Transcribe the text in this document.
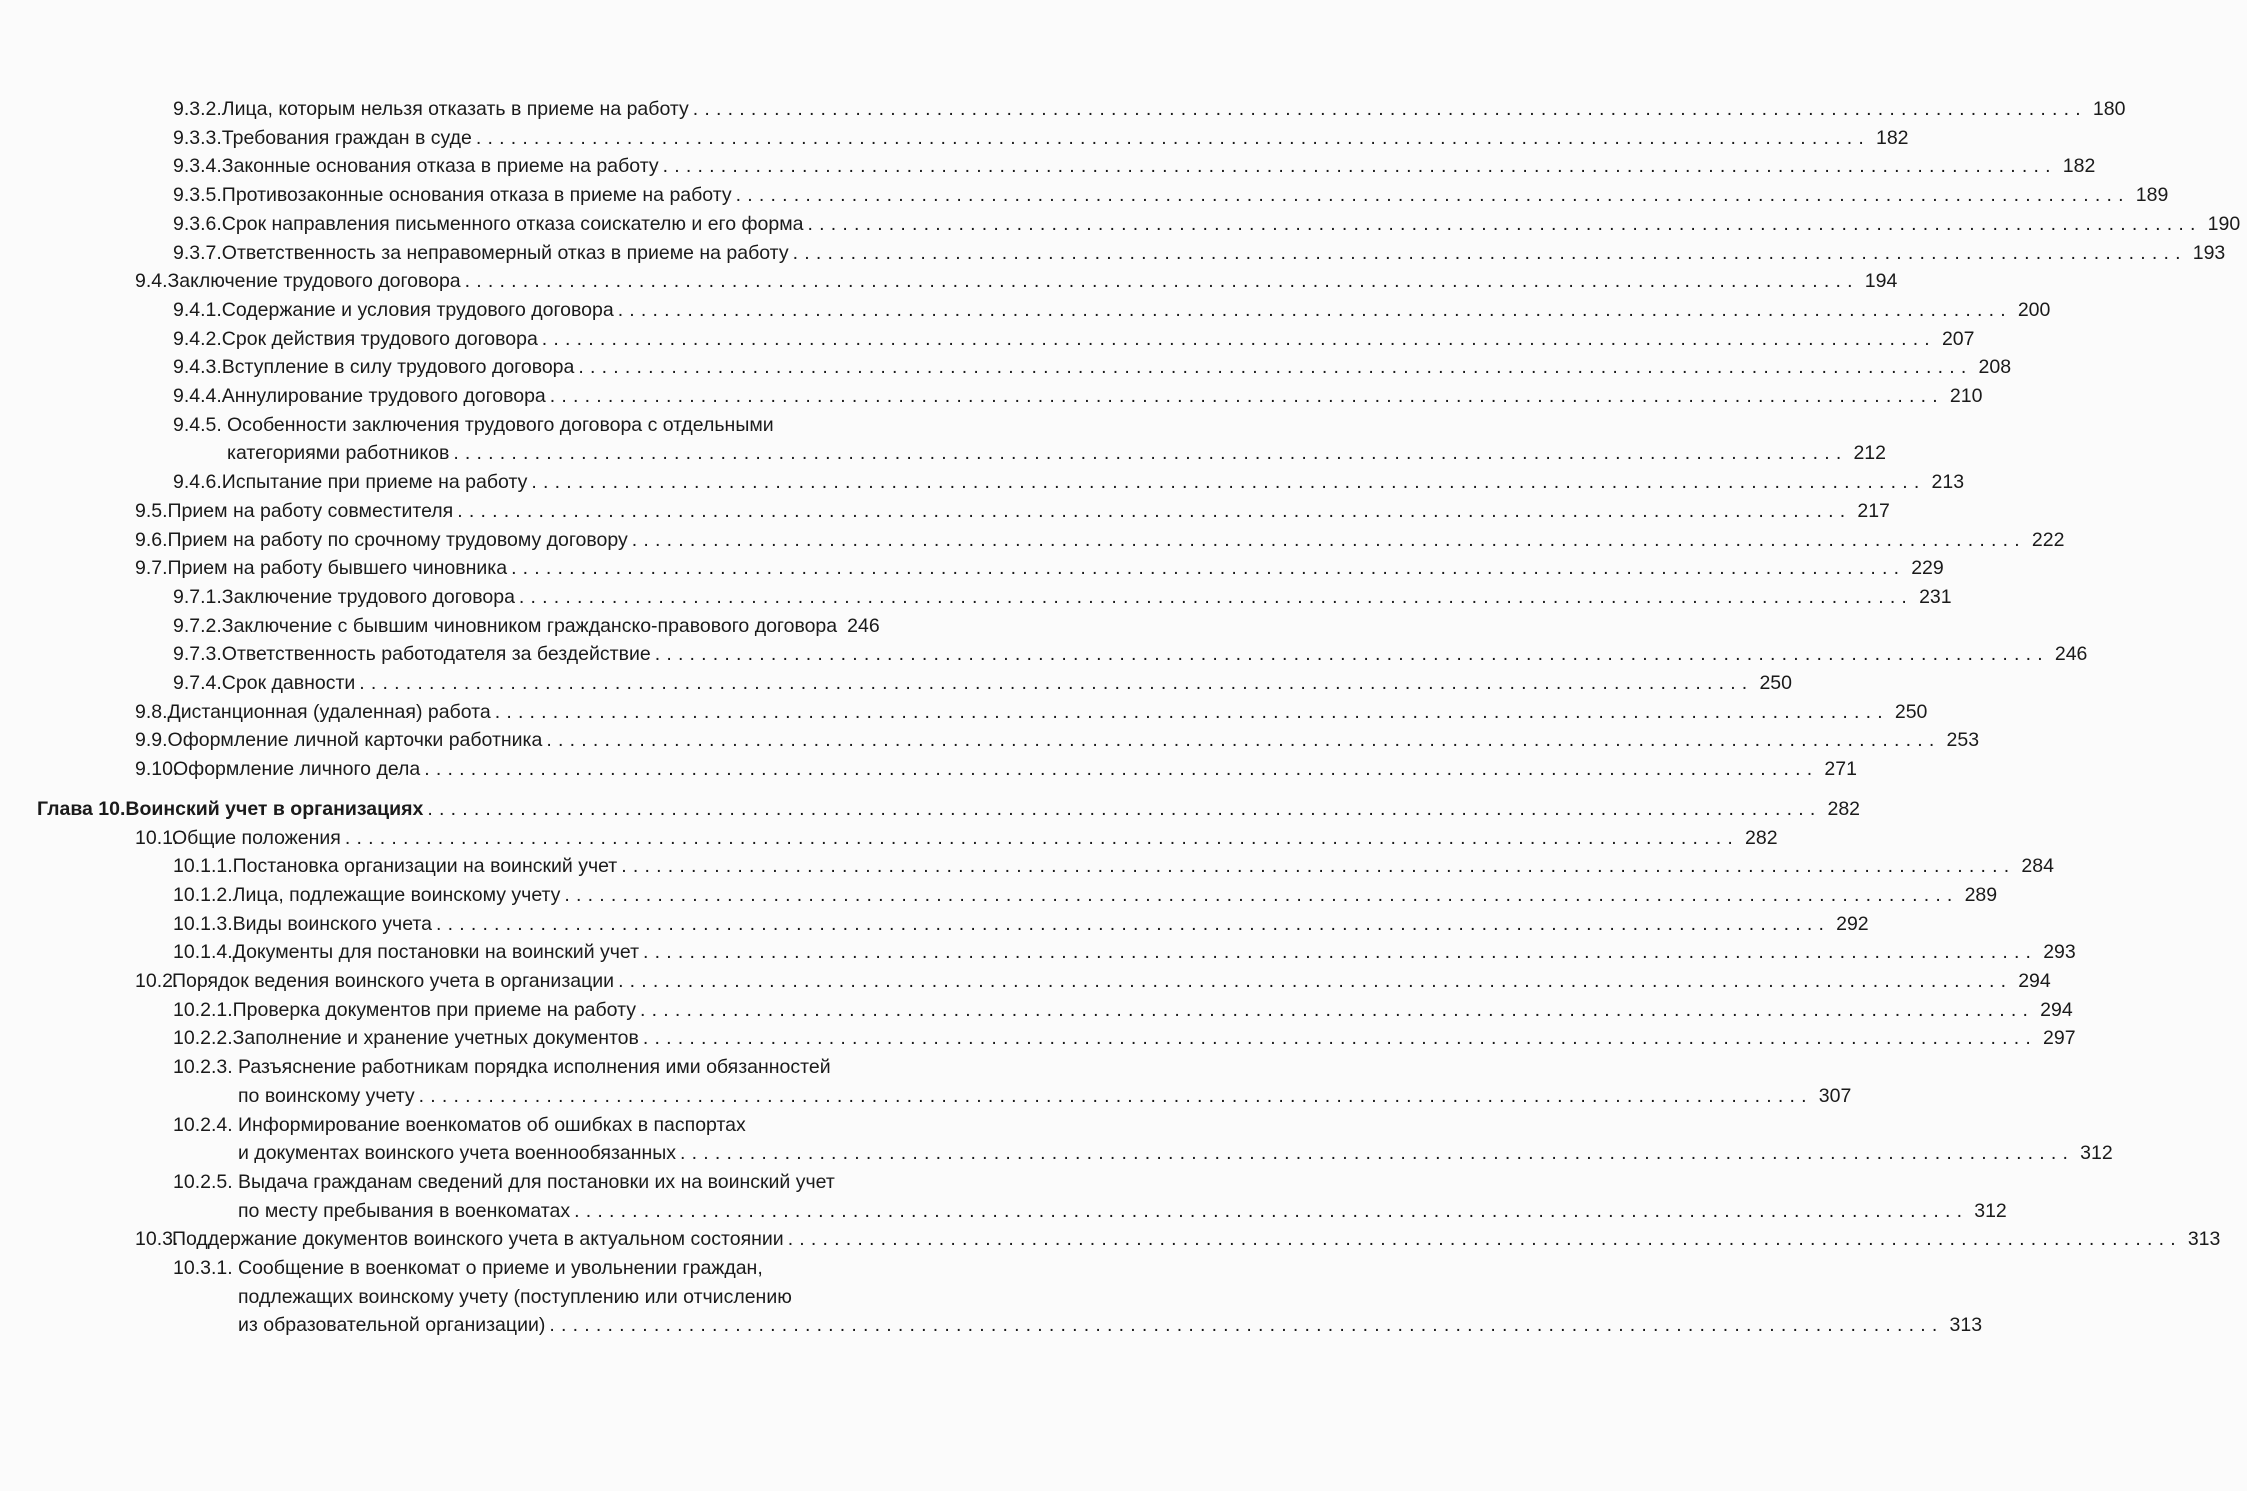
9.3.2. Лица, которым нельзя отказать в приеме на работу ........................................................................................................................ 180
9.3.3. Требования граждан в суде ........................................................................................................................ 182
9.3.4. Законные основания отказа в приеме на работу ........................................................................................................................ 182
9.3.5. Противозаконные основания отказа в приеме на работу ........................................................................................................................ 189
9.3.6. Срок направления письменного отказа соискателю и его форма ........................................................................................................................ 190
9.3.7. Ответственность за неправомерный отказ в приеме на работу ........................................................................................................................ 193
9.4. Заключение трудового договора ........................................................................................................................ 194
9.4.1. Содержание и условия трудового договора ........................................................................................................................ 200
9.4.2. Срок действия трудового договора ........................................................................................................................ 207
9.4.3. Вступление в силу трудового договора ........................................................................................................................ 208
9.4.4. Аннулирование трудового договора ........................................................................................................................ 210
9.4.5. Особенности заключения трудового договора с отдельными
категориями работников ........................................................................................................................ 212
9.4.6. Испытание при приеме на работу ........................................................................................................................ 213
9.5. Прием на работу совместителя ........................................................................................................................ 217
9.6. Прием на работу по срочному трудовому договору ........................................................................................................................ 222
9.7. Прием на работу бывшего чиновника ........................................................................................................................ 229
9.7.1. Заключение трудового договора ........................................................................................................................ 231
9.7.2. Заключение с бывшим чиновником гражданско-правового договора 246
9.7.3. Ответственность работодателя за бездействие ........................................................................................................................ 246
9.7.4. Срок давности ........................................................................................................................ 250
9.8. Дистанционная (удаленная) работа ........................................................................................................................ 250
9.9. Оформление личной карточки работника ........................................................................................................................ 253
9.10.
Оформление личного дела ........................................................................................................................ 271
Глава 10. Воинский учет в организациях ........................................................................................................................ 282
10.1.
Общие положения ........................................................................................................................ 282
10.1.1. Постановка организации на воинский учет ........................................................................................................................ 284
10.1.2. Лица, подлежащие воинскому учету ........................................................................................................................ 289
10.1.3. Виды воинского учета ........................................................................................................................ 292
10.1.4. Документы для постановки на воинский учет ........................................................................................................................ 293
10.2.
Порядок ведения воинского учета в организации ........................................................................................................................ 294
10.2.1. Проверка документов при приеме на работу ........................................................................................................................ 294
10.2.2. Заполнение и хранение учетных документов ........................................................................................................................ 297
10.2.3. Разъяснение работникам порядка исполнения ими обязанностей
по воинскому учету ........................................................................................................................ 307
10.2.4. Информирование военкоматов об ошибках в паспортах
и документах воинского учета военнообязанных ........................................................................................................................ 312
10.2.5. Выдача гражданам сведений для постановки их на воинский учет
по месту пребывания в военкоматах ........................................................................................................................ 312
10.3.
Поддержание документов воинского учета в актуальном состоянии ........................................................................................................................ 313
10.3.1. Сообщение в военкомат о приеме и увольнении граждан,
подлежащих воинскому учету (поступлению или отчислению
из образовательной организации) ........................................................................................................................ 313
